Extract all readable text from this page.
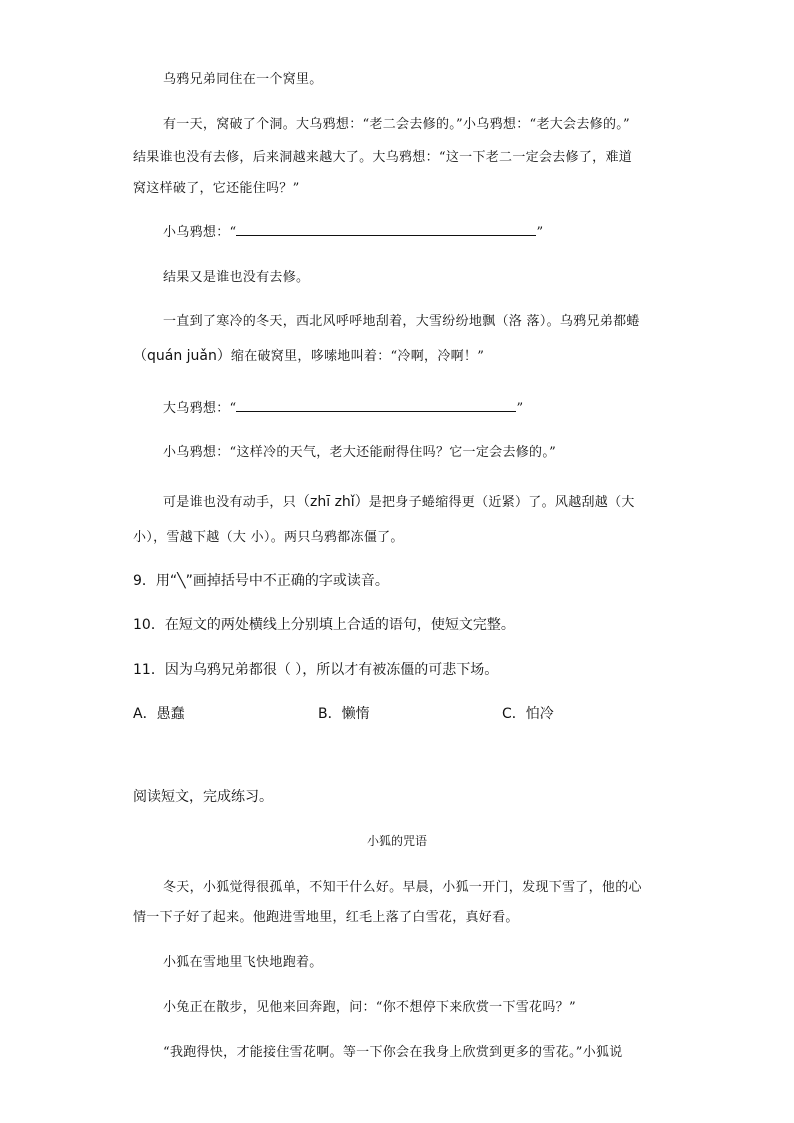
乌鸦兄弟同住在一个窝里。
有一天，窝破了个洞。大乌鸦想：“老二会去修的。”小乌鸦想：“老大会去修的。”
结果谁也没有去修，后来洞越来越大了。大乌鸦想：“这一下老二一定会去修了，难道
窝这样破了，它还能住吗？”
小乌鸦想：“	”
结果又是谁也没有去修。
一直到了寒冷的冬天，西北风呼呼地刮着，大雪纷纷地飘（洛 落）。乌鸦兄弟都蜷
（quán juǎn）缩在破窝里，哆嗦地叫着：“冷啊，冷啊！”
大乌鸦想：“	”
小乌鸦想：“这样冷的天气，老大还能耐得住吗？它一定会去修的。”
可是谁也没有动手，只（zhī zhǐ）是把身子蜷缩得更（近紧）了。风越刮越（大
小），雪越下越（大 小）。两只乌鸦都冻僵了。
9．用“╲”画掉括号中不正确的字或读音。
10．在短文的两处横线上分别填上合适的语句，使短文完整。
11．因为乌鸦兄弟都很（ ），所以才有被冻僵的可悲下场。
A．愚蠢	B．懒惰	C．怕冷
阅读短文，完成练习。
小狐的咒语
冬天，小狐觉得很孤单，不知干什么好。早晨，小狐一开门，发现下雪了，他的心
情一下子好了起来。他跑进雪地里，红毛上落了白雪花，真好看。
小狐在雪地里飞快地跑着。
小兔正在散步，见他来回奔跑，问：“你不想停下来欣赏一下雪花吗？”
“我跑得快，才能接住雪花啊。等一下你会在我身上欣赏到更多的雪花。”小狐说
